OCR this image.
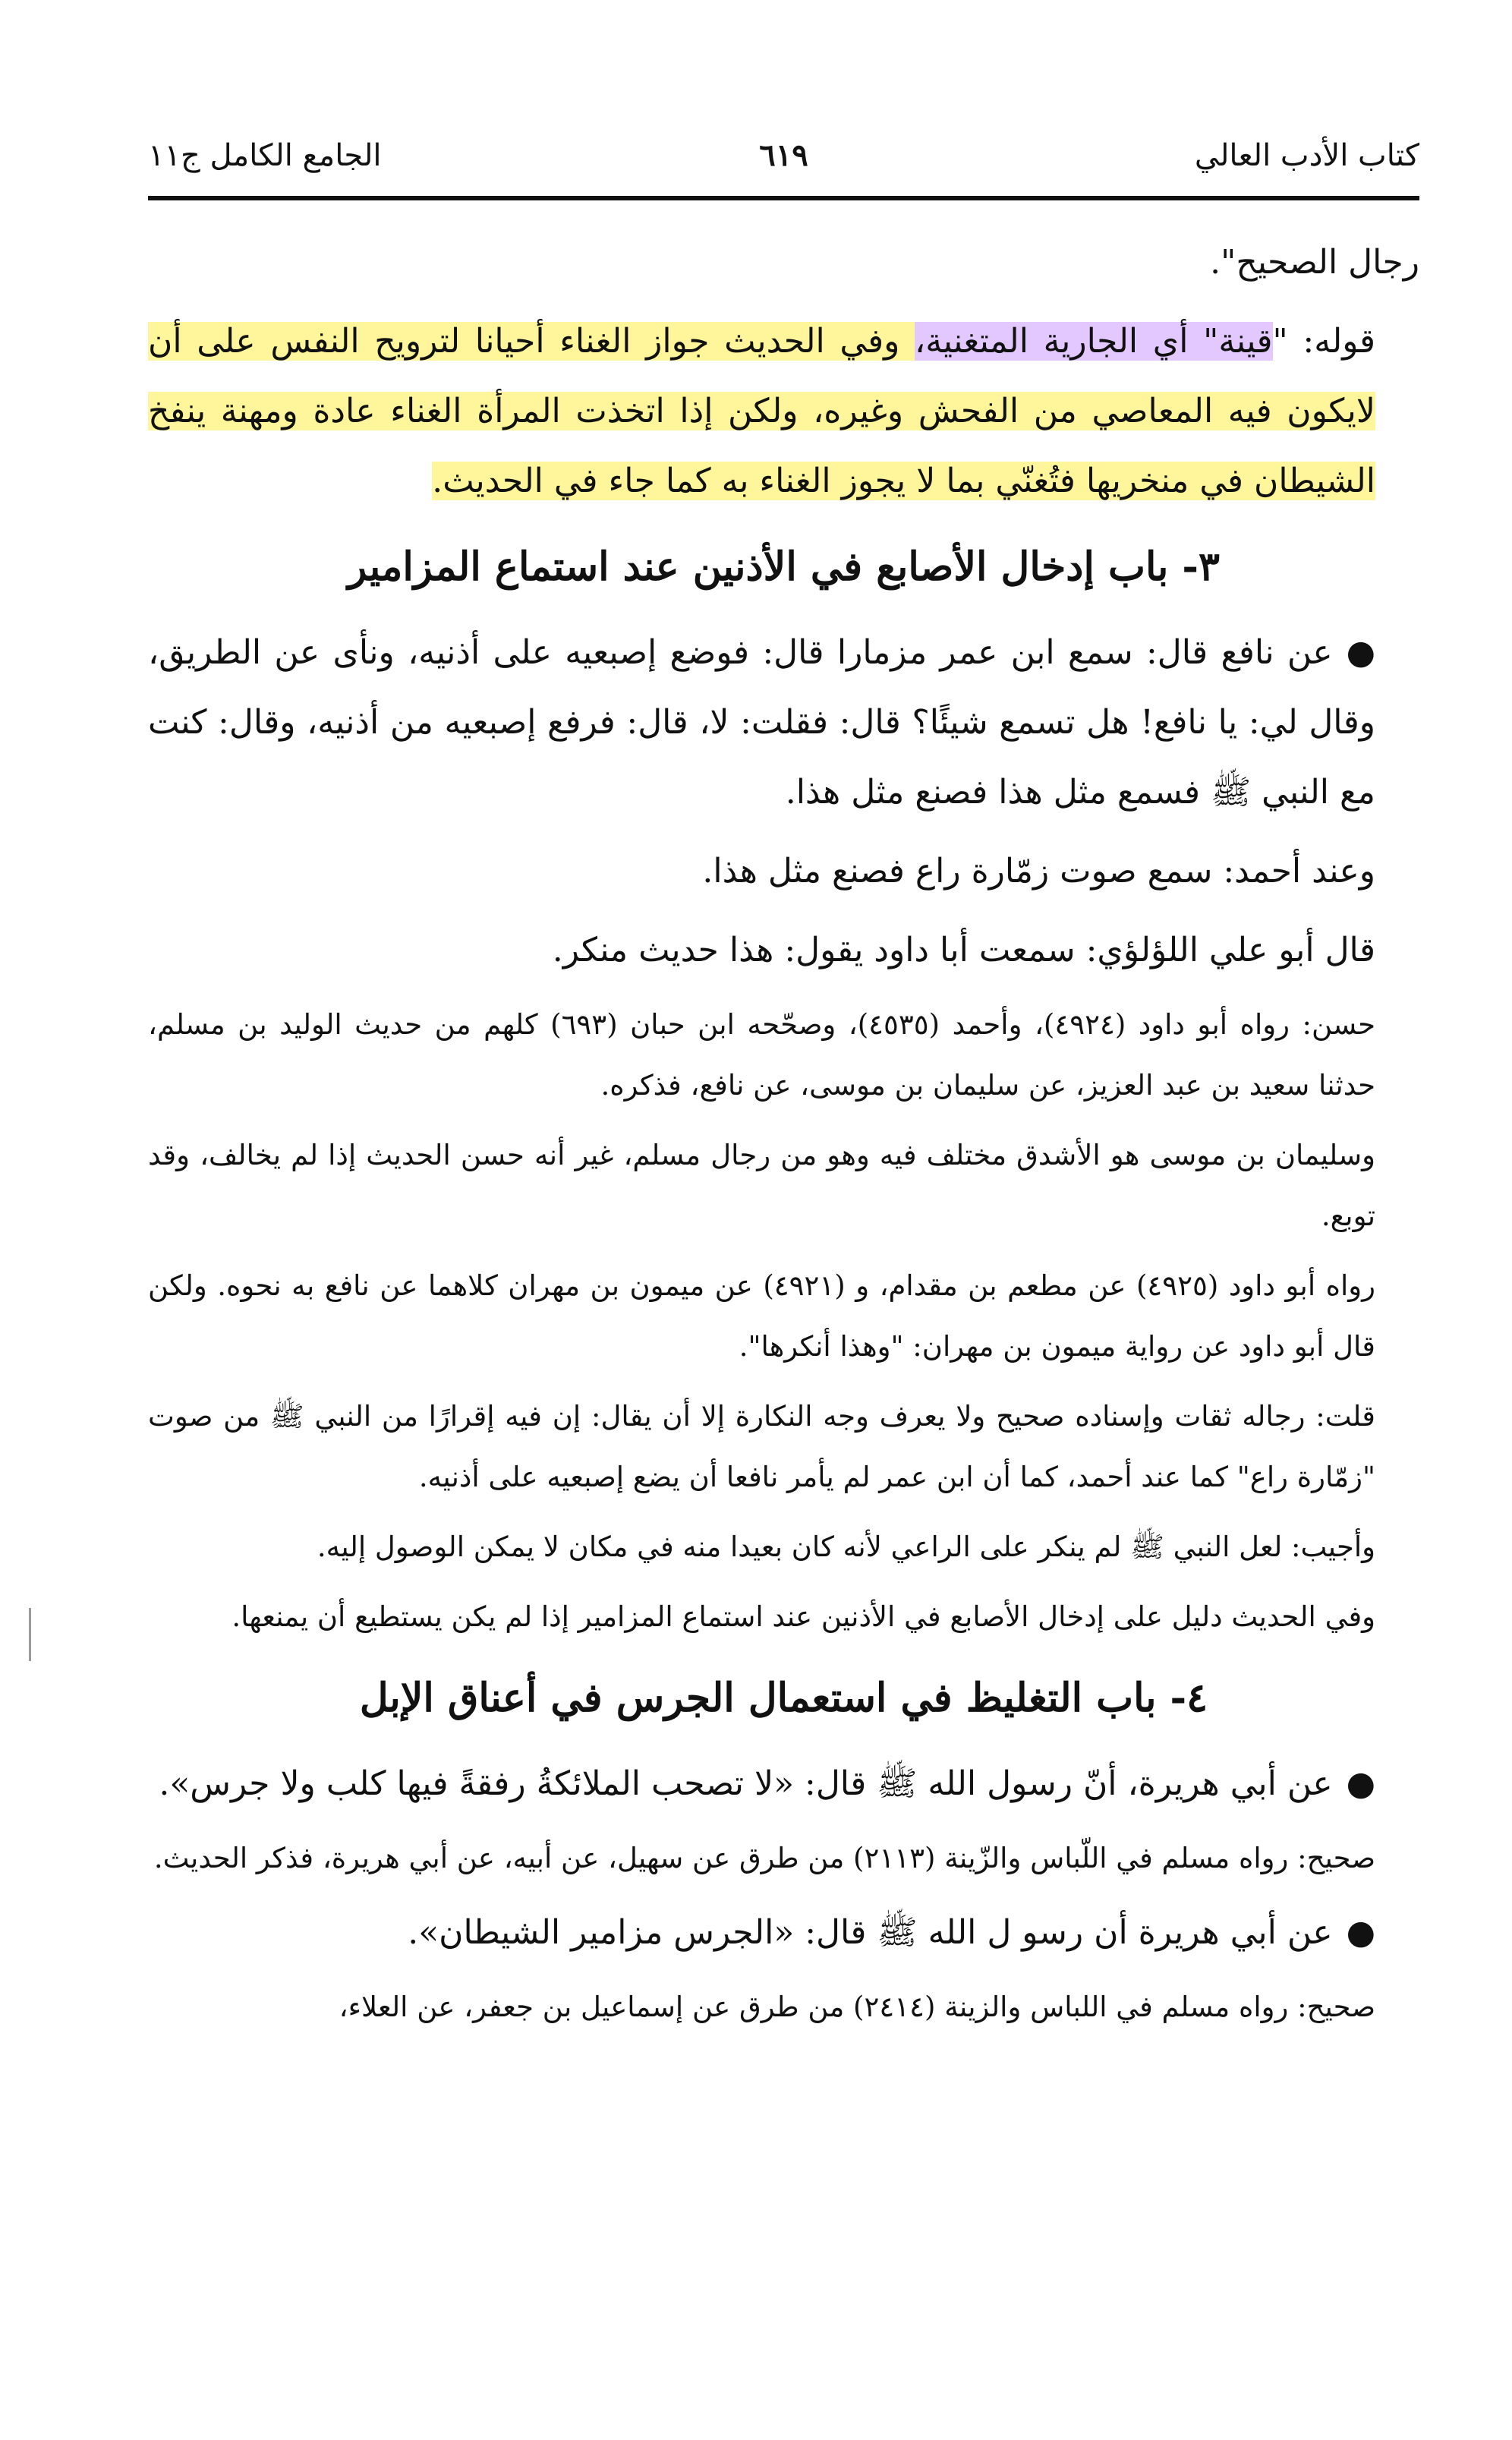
كتاب الأدب العالي
٦١٩
الجامع الكامل ج١١

رجال الصحيح".

قوله: "قينة" أي الجارية المتغنية، وفي الحديث جواز الغناء أحيانا لترويح النفس على أن لايكون فيه المعاصي من الفحش وغيره، ولكن إذا اتخذت المرأة الغناء عادة ومهنة ينفخ الشيطان في منخريها فتُغنّي بما لا يجوز الغناء به كما جاء في الحديث.

٣- باب إدخال الأصابع في الأذنين عند استماع المزامير

●عن نافع قال: سمع ابن عمر مزمارا قال: فوضع إصبعيه على أذنيه، ونأى عن الطريق، وقال لي: يا نافع! هل تسمع شيئًا؟ قال: فقلت: لا، قال: فرفع إصبعيه من أذنيه، وقال: كنت مع النبي ﷺ فسمع مثل هذا فصنع مثل هذا.

وعند أحمد: سمع صوت زمّارة راع فصنع مثل هذا.

قال أبو علي اللؤلؤي: سمعت أبا داود يقول: هذا حديث منكر.

حسن: رواه أبو داود (٤٩٢٤)، وأحمد (٤٥٣٥)، وصحّحه ابن حبان (٦٩٣) كلهم من حديث الوليد بن مسلم، حدثنا سعيد بن عبد العزيز، عن سليمان بن موسى، عن نافع، فذكره.

وسليمان بن موسى هو الأشدق مختلف فيه وهو من رجال مسلم، غير أنه حسن الحديث إذا لم يخالف، وقد توبع.

رواه أبو داود (٤٩٢٥) عن مطعم بن مقدام، و (٤٩٢١) عن ميمون بن مهران كلاهما عن نافع به نحوه. ولكن قال أبو داود عن رواية ميمون بن مهران: "وهذا أنكرها".

قلت: رجاله ثقات وإسناده صحيح ولا يعرف وجه النكارة إلا أن يقال: إن فيه إقرارًا من النبي ﷺ من صوت "زمّارة راع" كما عند أحمد، كما أن ابن عمر لم يأمر نافعا أن يضع إصبعيه على أذنيه.

وأجيب: لعل النبي ﷺ لم ينكر على الراعي لأنه كان بعيدا منه في مكان لا يمكن الوصول إليه.

وفي الحديث دليل على إدخال الأصابع في الأذنين عند استماع المزامير إذا لم يكن يستطيع أن يمنعها.

٤- باب التغليظ في استعمال الجرس في أعناق الإبل

●عن أبي هريرة، أنّ رسول الله ﷺ قال: «لا تصحب الملائكةُ رفقةً فيها كلب ولا جرس».

صحيح: رواه مسلم في اللّباس والزّينة (٢١١٣) من طرق عن سهيل، عن أبيه، عن أبي هريرة، فذكر الحديث.

●عن أبي هريرة أن رسو ل الله ﷺ قال: «الجرس مزامير الشيطان».

صحيح: رواه مسلم في اللباس والزينة (٢٤١٤) من طرق عن إسماعيل بن جعفر، عن العلاء،
